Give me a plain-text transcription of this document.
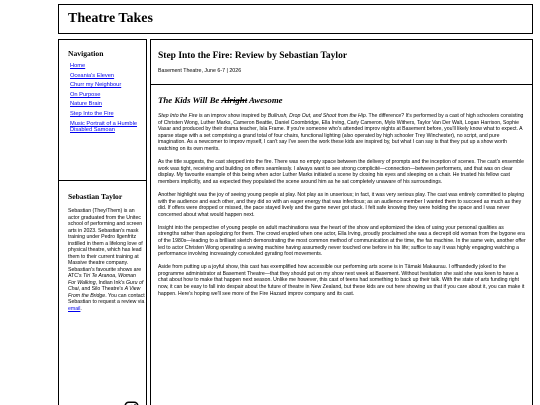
Theatre Takes
Navigation
Home
Oceania's Eleven
Churr my Neighbour
On Purpose
Nature Brain
Step Into the Fire
Music Portrait of a Humble Disabled Samoan
Sebastian Taylor

Sebastian (They/Them) is an actor graduated from the Unitec school of performing and screen arts in 2023. Sebastian's mask training under Pedro Ilgenfritz instilled in them a lifelong love of physical theatre, which has lead them to their current training at Massive theatre company. Sebastian's favourite shows are ATC's Tiri Te Aranoa, Woman For Walking, Indian Ink's Guru of Chai, and Silo Theatre's A View From the Bridge. You can contact Sebastian to request a review via email.

Step Into the Fire: Review by Sebastian Taylor
Basement Theatre, June 6-7 | 2026
The Kids Will Be Alright Awesome

Step Into the Fire is an improv show inspired by Bullrush, Drop Out, and Shoot from the Hip. The difference? It's performed by a cast of high schoolers consisting of Christen Wong, Luther Marks, Cameron Beattie, Daniel Coombridge, Ella Irving, Carly Cameron, Mylo Withers, Taylor Van Der Walt, Logan Harrison, Sophie Vasar and produced by their drama teacher, Isla Frame. If you're someone who's attended improv nights at Basement before, you'll likely know what to expect. A sparse stage with a set comprising a grand total of four chairs, functional lighting (also operated by high schooler Trey Winchester), no script, and pure imagination. As a newcomer to improv myself, I can't say I've seen the work these kids are inspired by, but what I can say is that they put up a show worth watching on its own merits.

As the title suggests, the cast stepped into the fire. There was no empty space between the delivery of prompts and the inception of scenes. The cast's ensemble work was tight, receiving and building on offers seamlessly. I always want to see strong complicité—connection—between performers, and that was on clear display. My favourite example of this being when actor Luther Marks initiated a scene by closing his eyes and sleeping on a chair. He trusted his fellow cast members implicitly, and as expected they populated the scene around him as he sat completely unaware of his surroundings.

Another highlight was the joy of seeing young people at play. Not play as in unserious; in fact, it was very serious play. The cast was entirely committed to playing with the audience and each other, and they did so with an eager energy that was infectious; as an audience member I wanted them to succeed as much as they did. If offers were dropped or missed, the pace stayed lively and the game never got stuck. I felt safe knowing they were holding the space and I was never concerned about what would happen next.

Insight into the perspective of young people on adult machinations was the heart of the show and epitomized the idea of using your personal qualities as strengths rather than apologizing for them. The crowd erupted when one actor, Ella Irving, proudly proclaimed she was a decrepit old woman from the bygone era of the 1980s—leading to a brilliant sketch demonstrating the most common method of communication at the time, the fax machine. In the same vein, another offer led to actor Christen Wong operating a sewing machine having assumedly never touched one before in his life; suffice to say it was highly engaging watching a performance involving increasingly convoluted gyrating foot movements.

Aside from putting up a joyful show, this cast has exemplified how accessible our performing arts scene is in Tāmaki Makaurau. I offhandedly joked to the programme administrator at Basement Theatre—that they should put on my show next week at Basement. Without hesitation she said she was keen to have a chat about how to make that happen next season. Unlike me however, this cast of teens had something to back up their talk. With the state of arts funding right now, it can be easy to fall into despair about the future of theatre in New Zealand, but these kids are out here showing us that if you care about it, you can make it happen. Here's hoping we'll see more of the Fire Hazard improv company and its cast.
